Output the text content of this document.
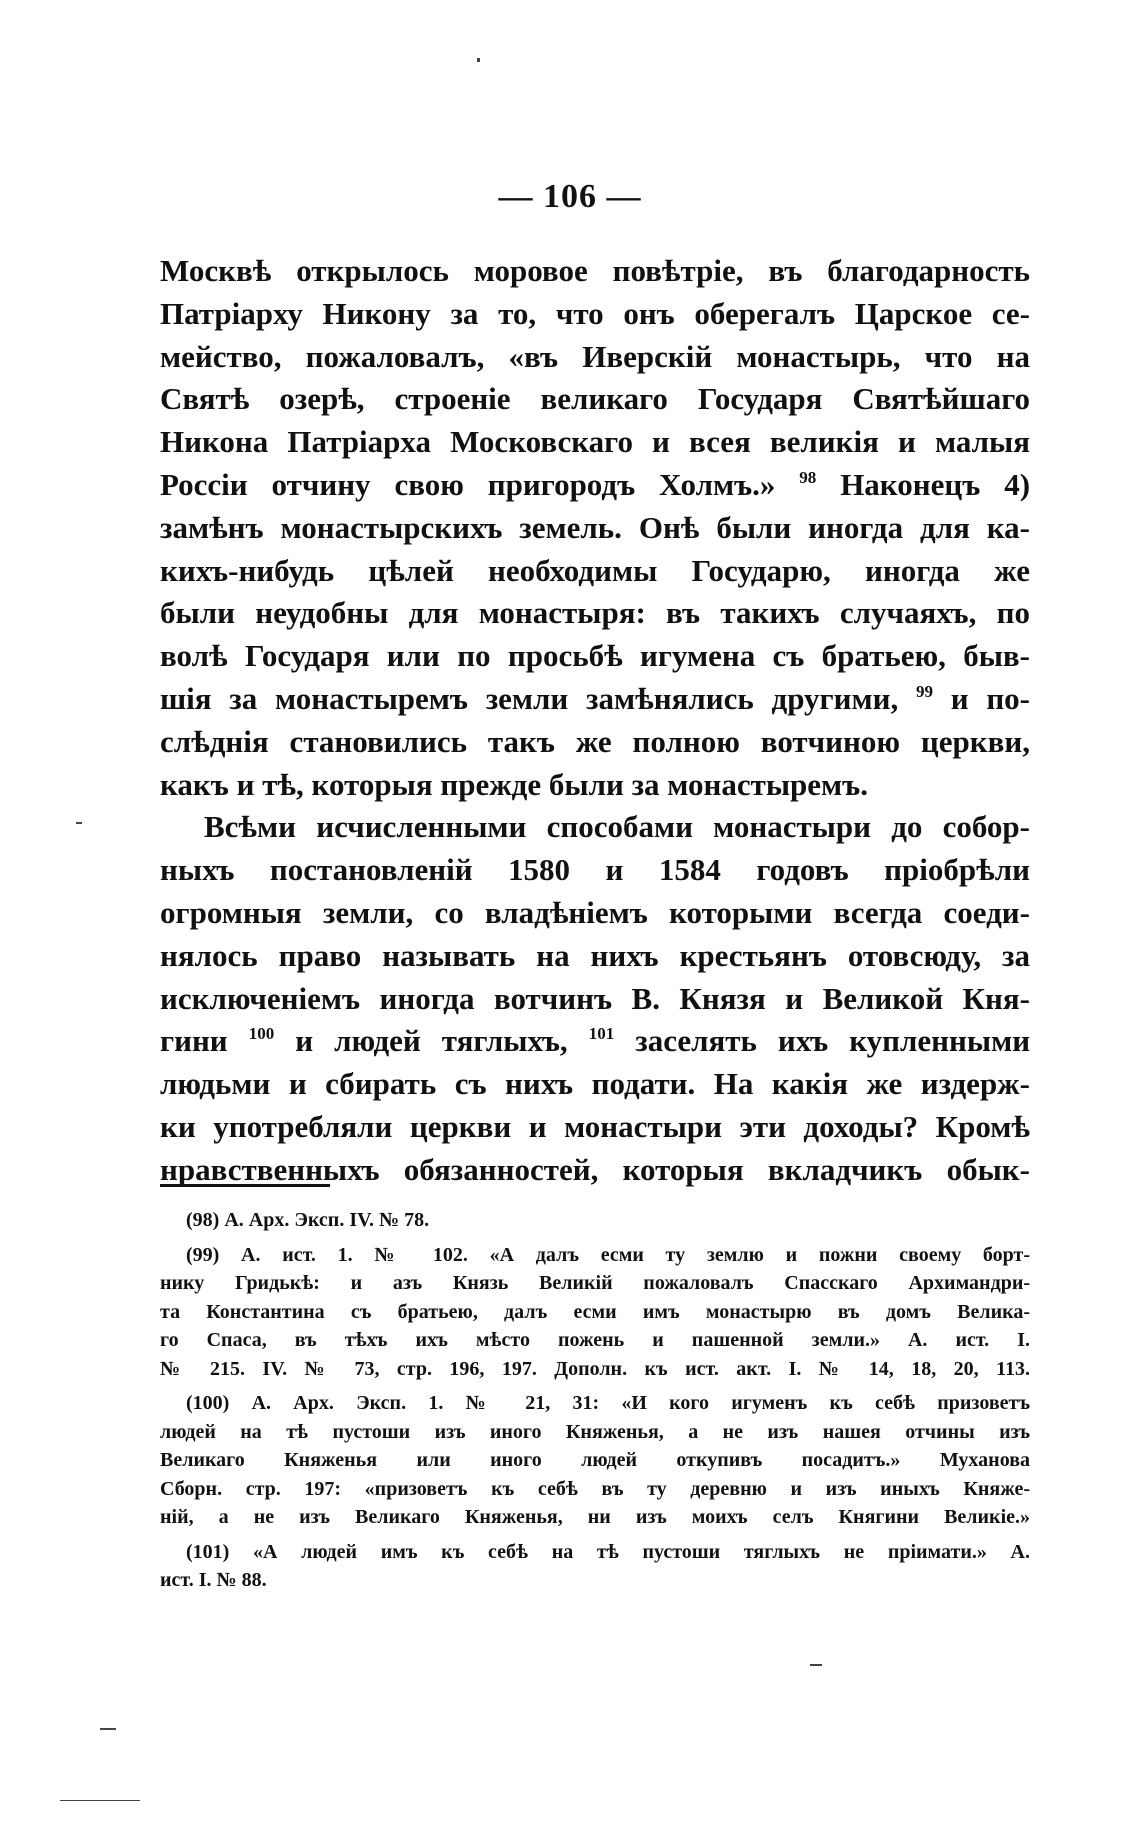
— 106 —
Москвѣ открылось моровое повѣтріе, въ благодарность
Патріарху Никону за то, что онъ оберегалъ Царское се-
мейство, пожаловалъ, «въ Иверскій монастырь, что на
Святѣ озерѣ, строеніе великаго Государя Святѣйшаго
Никона Патріарха Московскаго и всея великія и малыя
Россіи отчину свою пригородъ Холмъ.» $^{98}$ Наконецъ 4)
замѣнъ монастырскихъ земель. Онѣ были иногда для ка-
кихъ-нибудь цѣлей необходимы Государю, иногда же
были неудобны для монастыря: въ такихъ случаяхъ, по
волѣ Государя или по просьбѣ игумена съ братьею, быв-
шія за монастыремъ земли замѣнялись другими, $^{99}$ и по-
слѣднія становились такъ же полною вотчиною церкви,
какъ и тѣ, которыя прежде были за монастыремъ.
Всѣми исчисленными способами монастыри до собор-
ныхъ постановленій 1580 и 1584 годовъ пріобрѣли
огромныя земли, со владѣніемъ которыми всегда соеди-
нялось право называть на нихъ крестьянъ отовсюду, за
исключеніемъ иногда вотчинъ В. Князя и Великой Кня-
гини $^{100}$ и людей тяглыхъ, $^{101}$ заселять ихъ купленными
людьми и сбирать съ нихъ подати. На какія же издерж-
ки употребляли церкви и монастыри эти доходы? Кромѣ
нравственныхъ обязанностей, которыя вкладчикъ обык-
(98) А. Арх. Эксп. IV. № 78.
(99) А. ист. 1. № 102. «А далъ есми ту землю и пожни своему борт-
нику Гридькѣ: и азъ Князь Великій пожаловалъ Спасскаго Архимандри-
та Константина съ братьею, далъ есми имъ монастырю въ домъ Велика-
го Спаса, въ тѣхъ ихъ мѣсто пожень и пашенной земли.» А. ист. I.
№ 215. IV. № 73, стр. 196, 197. Дополн. къ ист. акт. I. № 14, 18, 20, 113.
(100) А. Арх. Эксп. 1. № 21, 31: «И кого игуменъ къ себѣ призоветъ
людей на тѣ пустоши изъ иного Княженья, а не изъ нашея отчины изъ
Великаго Княженья или иного людей откупивъ посадитъ.» Муханова
Сборн. стр. 197: «призоветъ къ себѣ въ ту деревню и изъ иныхъ Княже-
ній, а не изъ Великаго Княженья, ни изъ моихъ селъ Княгини Великіе.»
(101) «А людей имъ къ себѣ на тѣ пустоши тяглыхъ не пріимати.» А.
ист. I. № 88.
